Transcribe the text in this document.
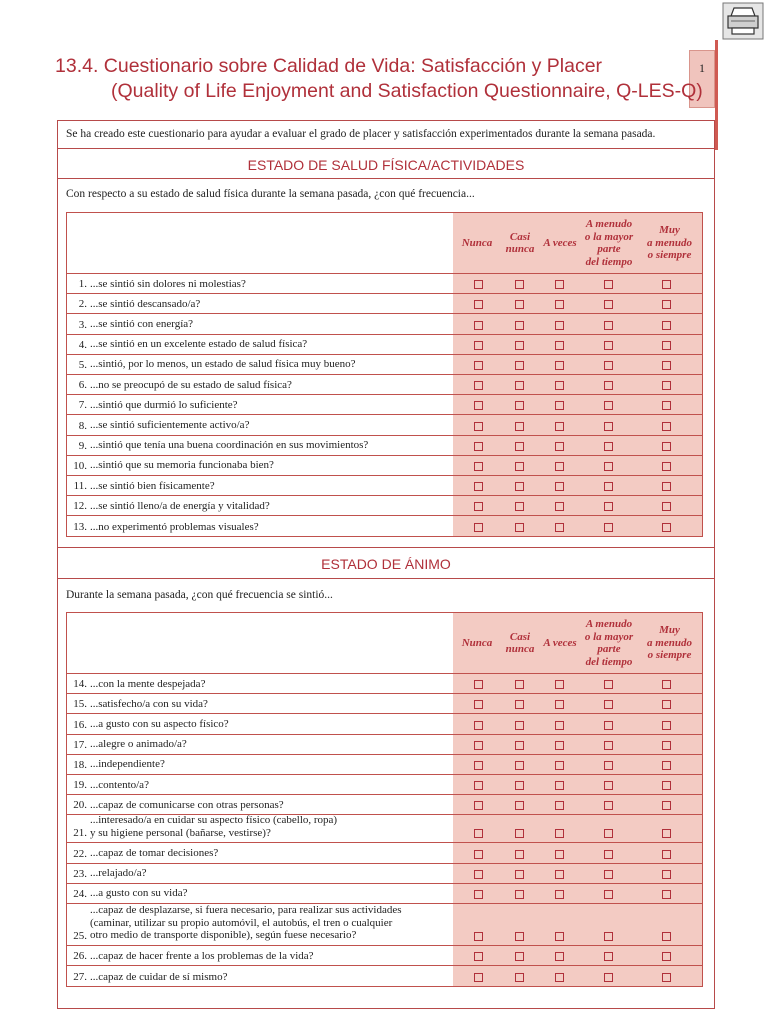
1
13.4. Cuestionario sobre Calidad de Vida: Satisfacción y Placer
(Quality of Life Enjoyment and Satisfaction Questionnaire, Q-LES-Q)
Se ha creado este cuestionario para ayudar a evaluar el grado de placer y satisfacción experimentados durante la semana pasada.
ESTADO DE SALUD FÍSICA/ACTIVIDADES
Con respecto a su estado de salud física durante la semana pasada, ¿con qué frecuencia...
Nunca
Casi
nunca
A veces
A menudo
o la mayor
parte
del tiempo
Muy
a menudo
o siempre
1. ...se sintió sin dolores ni molestias?
2. ...se sintió descansado/a?
3. ...se sintió con energía?
4. ...se sintió en un excelente estado de salud física?
5. ...sintió, por lo menos, un estado de salud física muy bueno?
6. ...no se preocupó de su estado de salud física?
7. ...sintió que durmió lo suficiente?
8. ...se sintió suficientemente activo/a?
9. ...sintió que tenía una buena coordinación en sus movimientos?
10. ...sintió que su memoria funcionaba bien?
11. ...se sintió bien físicamente?
12. ...se sintió lleno/a de energía y vitalidad?
13. ...no experimentó problemas visuales?
ESTADO DE ÁNIMO
Durante la semana pasada, ¿con qué frecuencia se sintió...
Nunca
Casi
nunca
A veces
A menudo
o la mayor
parte
del tiempo
Muy
a menudo
o siempre
14. ...con la mente despejada?
15. ...satisfecho/a con su vida?
16. ...a gusto con su aspecto físico?
17. ...alegre o animado/a?
18. ...independiente?
19. ...contento/a?
20. ...capaz de comunicarse con otras personas?
21.
...interesado/a en cuidar su aspecto físico (cabello, ropa)
y su higiene personal (bañarse, vestirse)?
22. ...capaz de tomar decisiones?
23. ...relajado/a?
24. ...a gusto con su vida?
25.
...capaz de desplazarse, si fuera necesario, para realizar sus actividades
(caminar, utilizar su propio automóvil, el autobús, el tren o cualquier
otro medio de transporte disponible), según fuese necesario?
26. ...capaz de hacer frente a los problemas de la vida?
27. ...capaz de cuidar de sí mismo?
